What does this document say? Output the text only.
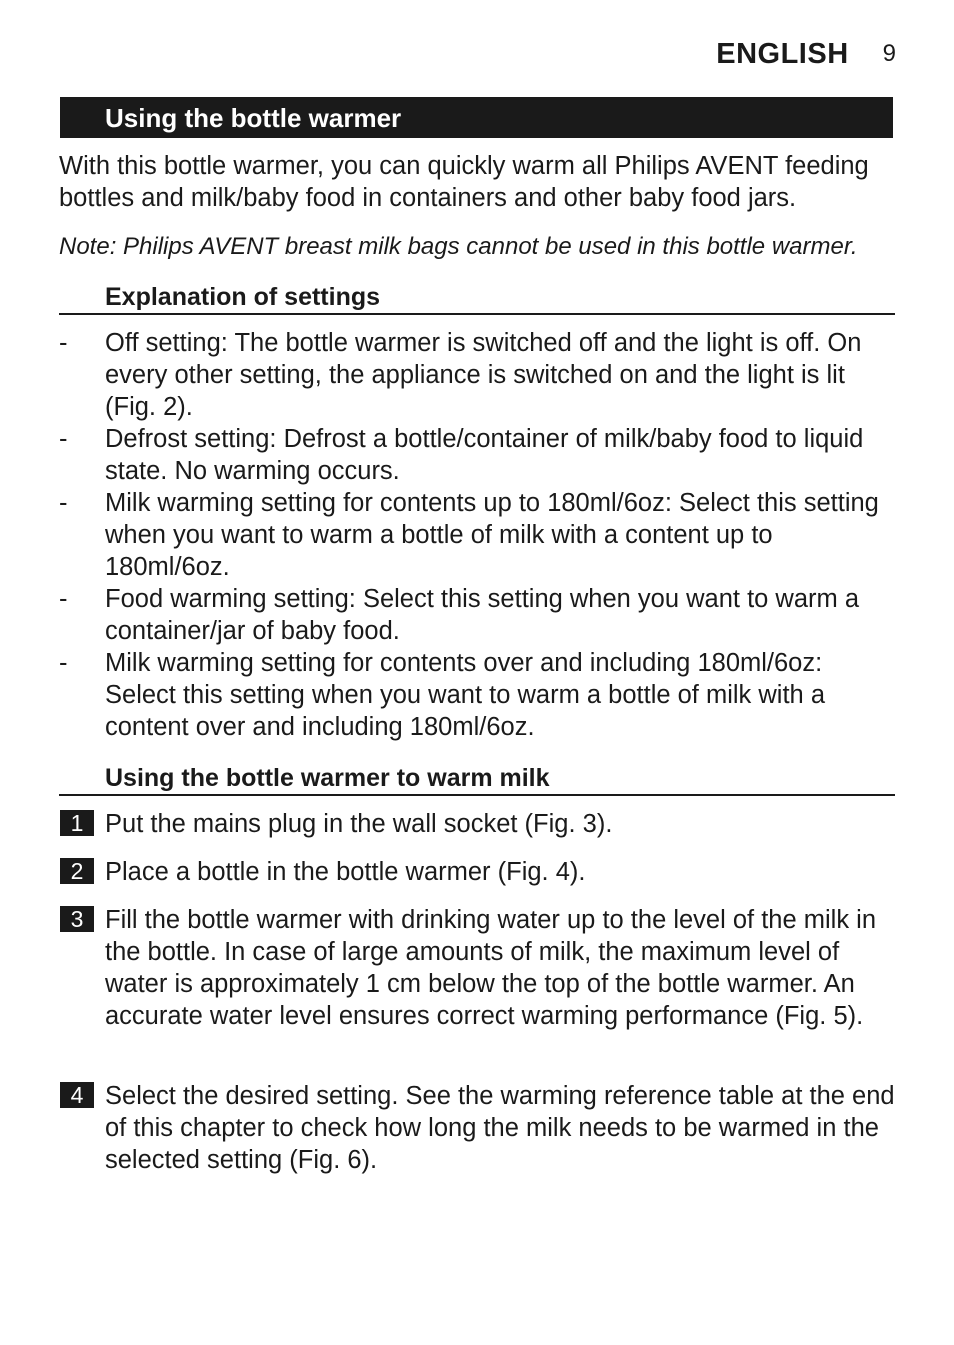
ENGLISH 9
Using the bottle warmer

With this bottle warmer, you can quickly warm all Philips AVENT feeding bottles and milk/baby food in containers and other baby food jars.

Note: Philips AVENT breast milk bags cannot be used in this bottle warmer.

Explanation of settings
- Off setting: The bottle warmer is switched off and the light is off. On every other setting, the appliance is switched on and the light is lit (Fig. 2).
- Defrost setting: Defrost a bottle/container of milk/baby food to liquid state. No warming occurs.
- Milk warming setting for contents up to 180ml/6oz: Select this setting when you want to warm a bottle of milk with a content up to 180ml/6oz.
- Food warming setting: Select this setting when you want to warm a container/jar of baby food.
- Milk warming setting for contents over and including 180ml/6oz: Select this setting when you want to warm a bottle of milk with a content over and including 180ml/6oz.
Using the bottle warmer to warm milk
1 Put the mains plug in the wall socket (Fig. 3).
2 Place a bottle in the bottle warmer (Fig. 4).
3 Fill the bottle warmer with drinking water up to the level of the milk in the bottle. In case of large amounts of milk, the maximum level of water is approximately 1 cm below the top of the bottle warmer. An accurate water level ensures correct warming performance (Fig. 5).
4 Select the desired setting. See the warming reference table at the end of this chapter to check how long the milk needs to be warmed in the selected setting (Fig. 6).
